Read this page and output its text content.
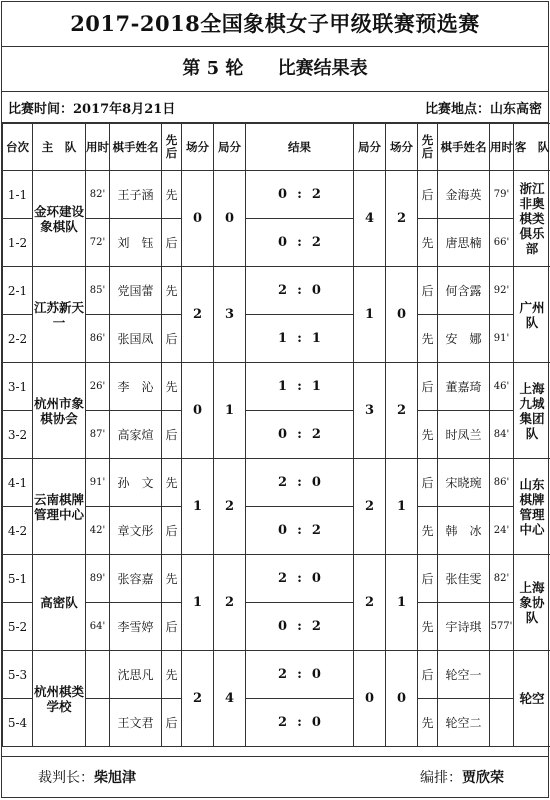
2017-2018全国象棋女子甲级联赛预选赛
第 5 轮 比赛结果表
比赛时间：2017年8月21日	比赛地点：山东高密
台次	主　队	用时	棋手姓名	先后	场分	局分	结果	局分	场分	先后	棋手姓名	用时	客　队
1-1	金环建设象棋队	82'	王子涵	先	0	0	0 : 2	4	2	后	金海英	79'	浙江非奥棋类俱乐部
1-2		72'	刘　钰	后			0 : 2			先	唐思楠	66'	
2-1	江苏新天一	85'	党国蕾	先	2	3	2 : 0	1	0	后	何含露	92'	广州队
2-2		86'	张国凤	后			1 : 1			先	安　娜	91'	
3-1	杭州市象棋协会	26'	李　沁	先	0	1	1 : 1	3	2	后	董嘉琦	46'	上海九城集团队
3-2		87'	高家煊	后			0 : 2			先	时凤兰	84'	
4-1	云南棋牌管理中心	91'	孙　文	先	1	2	2 : 0	2	1	后	宋晓琬	86'	山东棋牌管理中心
4-2		42'	章文彤	后			0 : 2			先	韩　冰	24'	
5-1	高密队	89'	张容嘉	先	1	2	2 : 0	2	1	后	张佳雯	82'	上海象协队
5-2		64'	李雪婷	后			0 : 2			先	宇诗琪	577'	
5-3	杭州棋类学校		沈思凡	先	2	4	2 : 0	0	0	后	轮空一		轮空
5-4			王文君	后			2 : 0			先	轮空二		
裁判长：柴旭津	编排：贾欣荣
